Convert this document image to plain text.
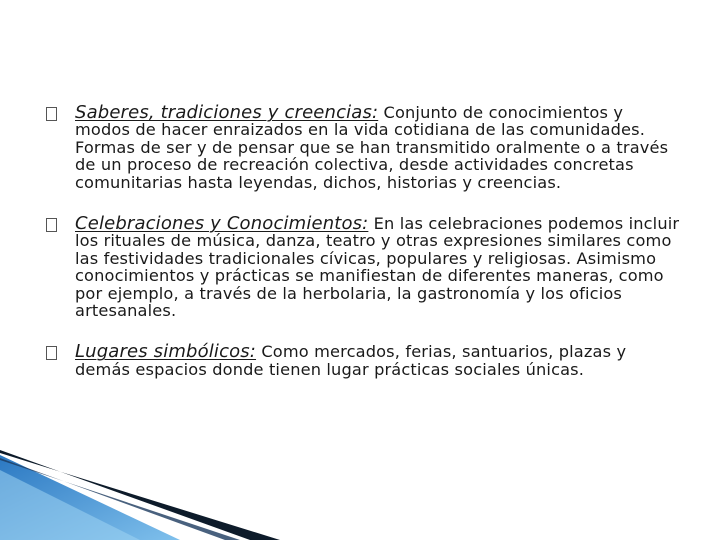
Saberes, tradiciones y creencias: Conjunto de conocimientos y modos de hacer enraizados en la vida cotidiana de las comunidades. Formas de ser y de pensar que se han transmitido oralmente o a través de un proceso de recreación colectiva, desde actividades concretas comunitarias hasta leyendas, dichos, historias y creencias.
Celebraciones y Conocimientos: En las celebraciones podemos incluir los rituales de música, danza, teatro y otras expresiones similares como las festividades tradicionales cívicas, populares y religiosas. Asimismo conocimientos y prácticas se manifiestan de diferentes maneras, como por ejemplo, a través de la herbolaria, la gastronomía y los oficios artesanales.
Lugares simbólicos: Como mercados, ferias, santuarios, plazas y demás espacios donde tienen lugar prácticas sociales únicas.
